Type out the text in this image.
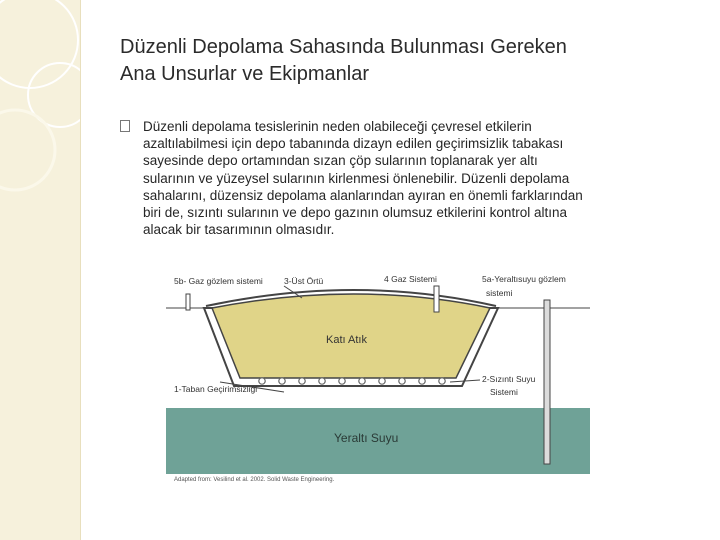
Düzenli Depolama Sahasında Bulunması Gereken
Ana Unsurlar ve Ekipmanlar
Düzenli depolama tesislerinin neden olabileceği çevresel etkilerin
azaltılabilmesi için depo tabanında dizayn edilen geçirimsizlik tabakası
sayesinde depo ortamından sızan çöp sularının toplanarak yer altı
sularının ve yüzeysel sularının kirlenmesi önlenebilir. Düzenli depolama
sahalarını, düzensiz depolama alanlarından ayıran en önemli farklarından
biri de, sızıntı sularının ve depo gazının olumsuz etkilerini kontrol altına
alacak bir tasarımının olmasıdır.
5b- Gaz gözlem sistemi 3-Üst Örtü	4 Gaz Sistemi	5a-Yeraltısuyu gözlem
sistemi
Katı Atık
1-Taban Geçirimsizliği
2-Sızıntı Suyu
Sistemi
Yeraltı Suyu
Adapted from: Vesilind et al. 2002. Solid Waste Engineering.
